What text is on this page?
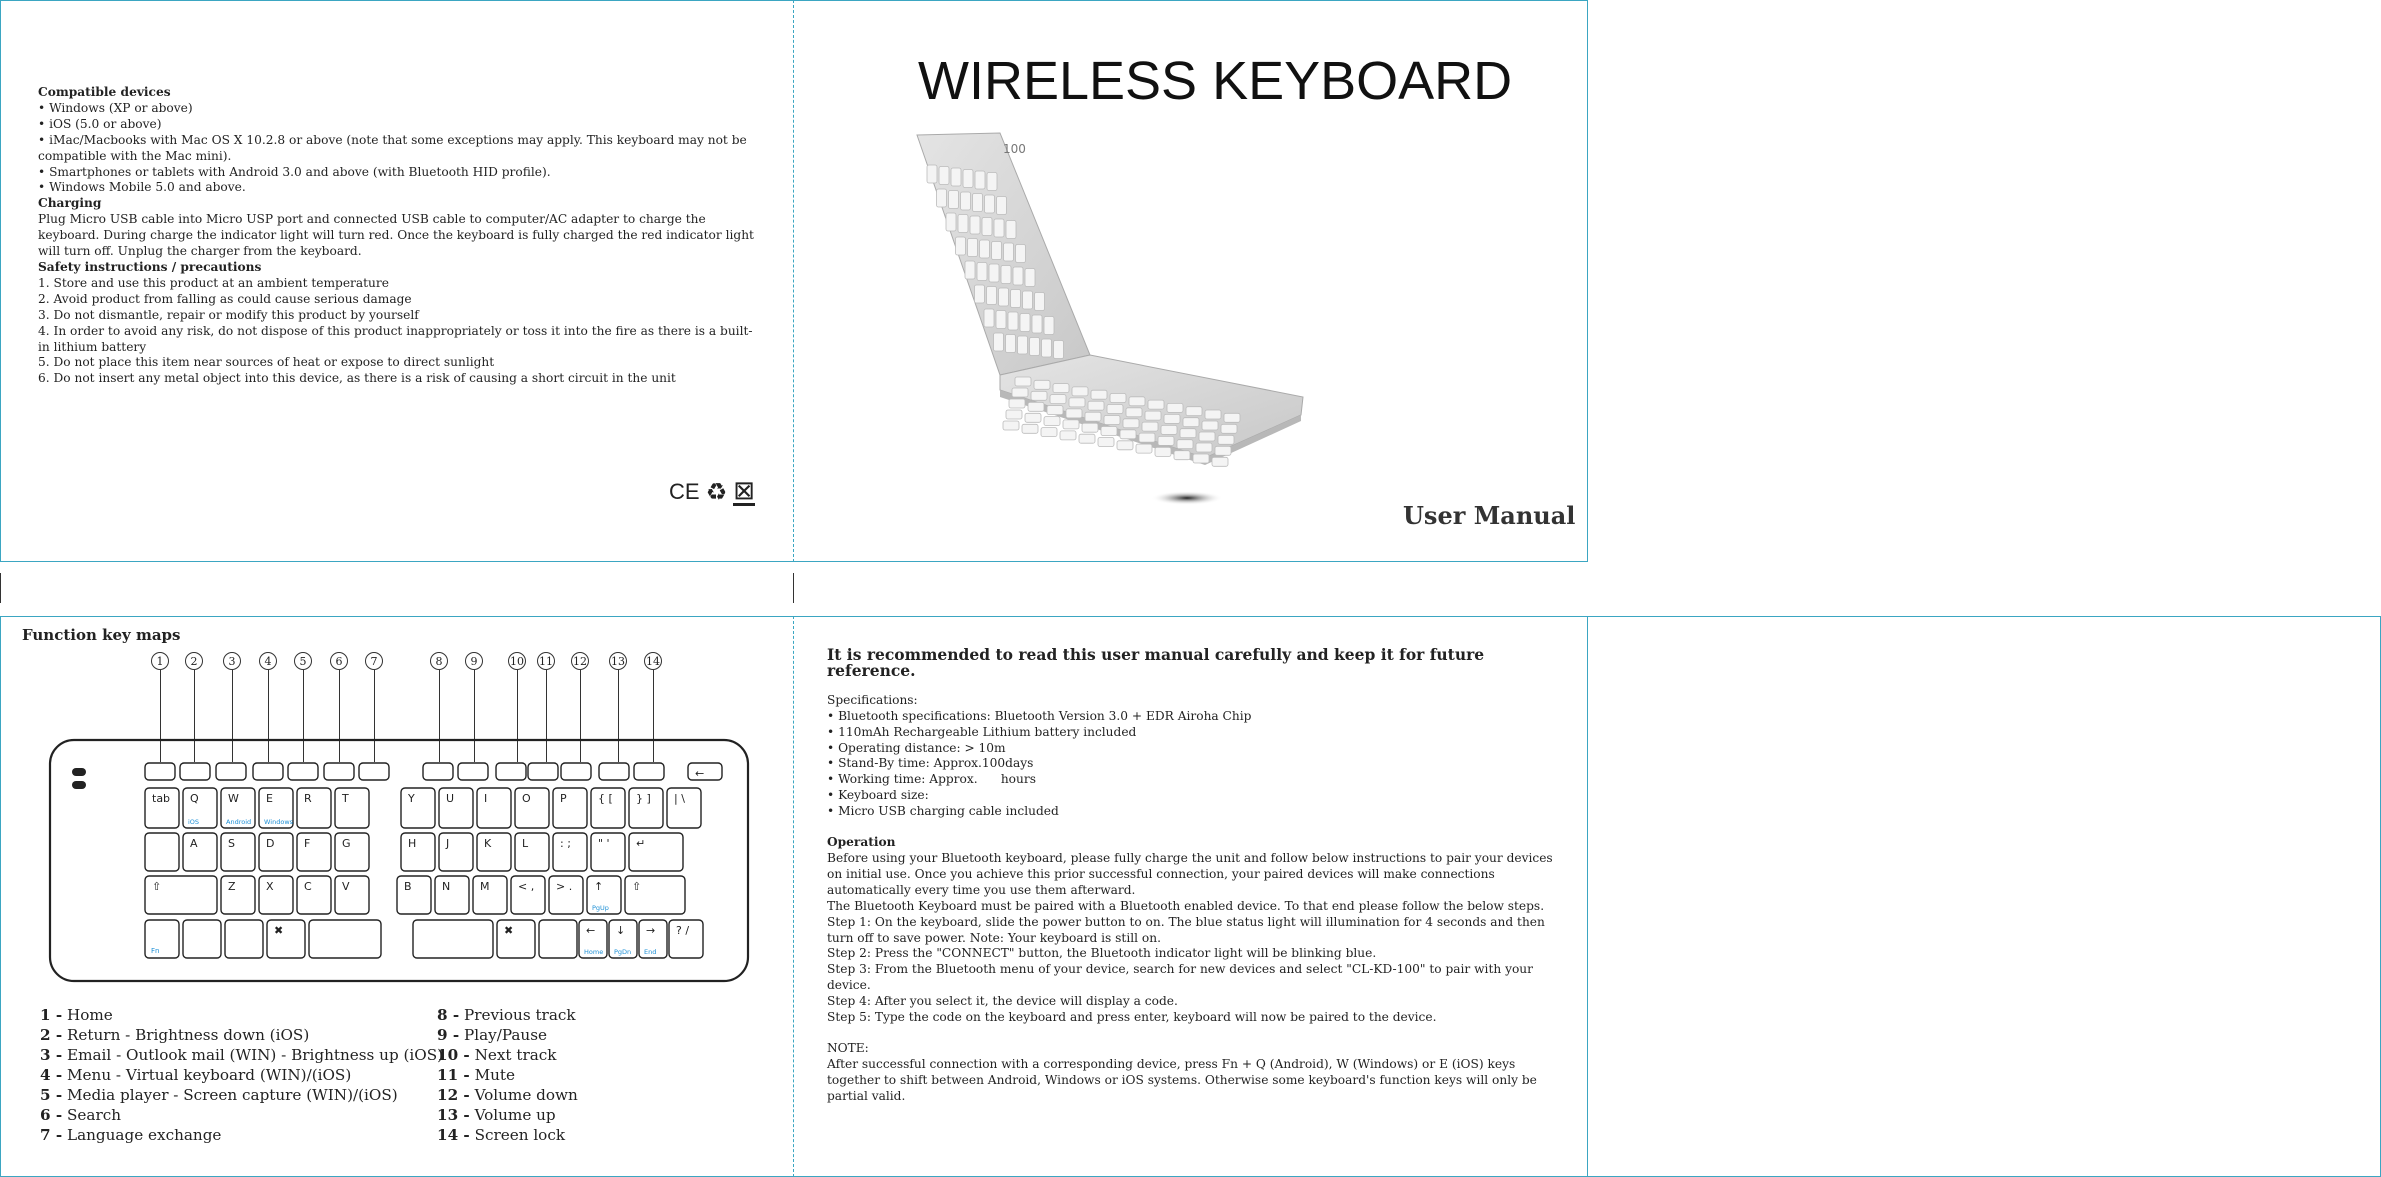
Compatible devices
• Windows (XP or above)
• iOS (5.0 or above)
• iMac/Macbooks with Mac OS X 10.2.8 or above (note that some exceptions may apply. This keyboard may not be compatible with the Mac mini).
• Smartphones or tablets with Android 3.0 and above (with Bluetooth HID profile).
• Windows Mobile 5.0 and above.
Charging
Plug Micro USB cable into Micro USP port and connected USB cable to computer/AC adapter to charge the keyboard. During charge the indicator light will turn red. Once the keyboard is fully charged the red indicator light will turn off. Unplug the charger from the keyboard.
Safety instructions / precautions
1. Store and use this product at an ambient temperature
2. Avoid product from falling as could cause serious damage
3. Do not dismantle, repair or modify this product by yourself
4. In order to avoid any risk, do not dispose of this product inappropriately or toss it into the fire as there is a built-in lithium battery
5. Do not place this item near sources of heat or expose to direct sunlight
6. Do not insert any metal object into this device, as there is a risk of causing a short circuit in the unit
CE ♻ ⊠
WIRELESS KEYBOARD
100
User Manual
Function key maps
1	2	3	4	5	6	7	8	9	10 11 12 13 14
←
tab Q
iOS
W
Android
E
Windows
R	T	Y	U	I	O	P	{ [ } ] | \
A	S	D	F	G	H	J	K	L	: ; " ' ↵
⇧	Z	X	C	V	B	N	M	< , > . ↑
PgUp
⇧
✖	✖	←
Home
↓
PgDn
→
End
? /
Fn
1 - Home
2 - Return - Brightness down (iOS)
3 - Email - Outlook mail (WIN) - Brightness up (iOS)
4 - Menu - Virtual keyboard (WIN)/(iOS)
5 - Media player - Screen capture (WIN)/(iOS)
6 - Search
7 - Language exchange
8 - Previous track
9 - Play/Pause
10 - Next track
11 - Mute
12 - Volume down
13 - Volume up
14 - Screen lock
It is recommended to read this user manual carefully and keep it for future reference.
Specifications:
• Bluetooth specifications: Bluetooth Version 3.0 + EDR Airoha Chip
• 110mAh Rechargeable Lithium battery included
• Operating distance: > 10m
• Stand-By time: Approx.100days
• Working time: Approx.      hours
• Keyboard size:
• Micro USB charging cable included
Operation
Before using your Bluetooth keyboard, please fully charge the unit and follow below instructions to pair your devices on initial use. Once you achieve this prior successful connection, your paired devices will make connections automatically every time you use them afterward.
The Bluetooth Keyboard must be paired with a Bluetooth enabled device. To that end please follow the below steps.
Step 1: On the keyboard, slide the power button to on. The blue status light will illumination for 4 seconds and then turn off to save power. Note: Your keyboard is still on.
Step 2: Press the "CONNECT" button, the Bluetooth indicator light will be blinking blue.
Step 3: From the Bluetooth menu of your device, search for new devices and select "CL-KD-100" to pair with your device.
Step 4: After you select it, the device will display a code.
Step 5: Type the code on the keyboard and press enter, keyboard will now be paired to the device.
NOTE:
After successful connection with a corresponding device, press Fn + Q (Android), W (Windows) or E (iOS) keys together to shift between Android, Windows or iOS systems. Otherwise some keyboard's function keys will only be partial valid.
